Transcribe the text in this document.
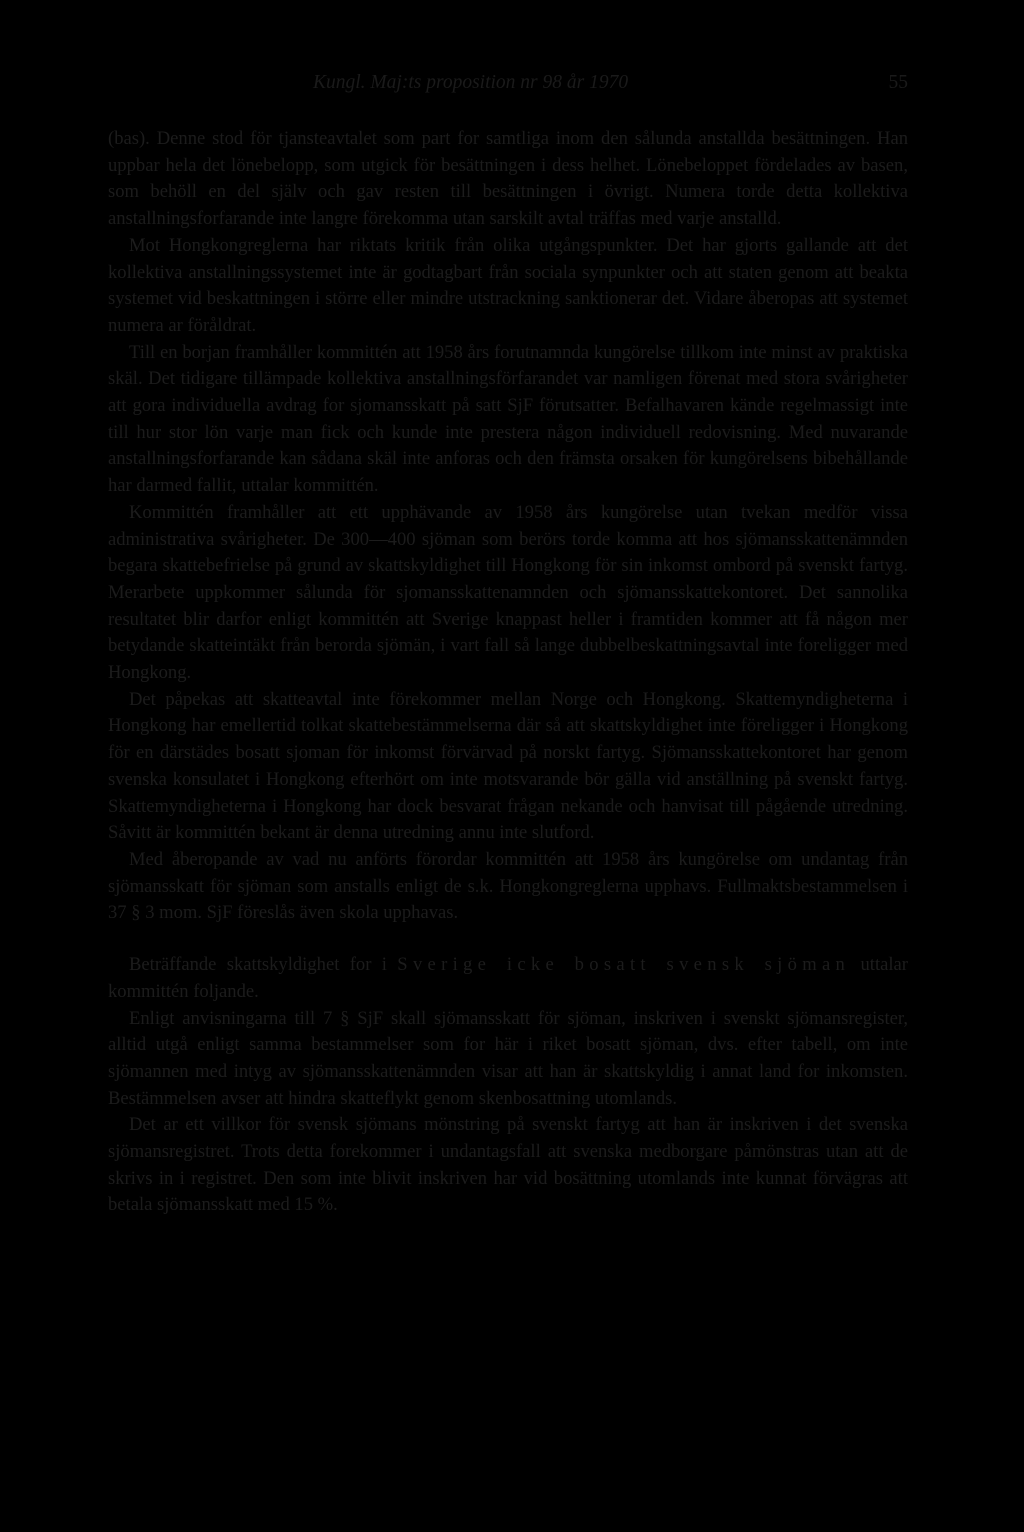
Kungl. Maj:ts proposition nr 98 år 1970	55

(bas). Denne stod för tjansteavtalet som part for samtliga inom den sålunda anstallda besättningen. Han uppbar hela det lönebelopp, som utgick för besättningen i dess helhet. Lönebeloppet fördelades av basen, som behöll en del själv och gav resten till besättningen i övrigt. Numera torde detta kollektiva anstallningsforfarande inte langre förekomma utan sarskilt avtal träffas med varje anstalld.

Mot Hongkongreglerna har riktats kritik från olika utgångspunkter. Det har gjorts gallande att det kollektiva anstallningssystemet inte är godtagbart från sociala synpunkter och att staten genom att beakta systemet vid beskattningen i större eller mindre utstrackning sanktionerar det. Vidare åberopas att systemet numera ar föråldrat.

Till en borjan framhåller kommittén att 1958 års forutnamnda kungörelse tillkom inte minst av praktiska skäl. Det tidigare tillämpade kollektiva anstallningsförfarandet var namligen förenat med stora svårigheter att gora individuella avdrag for sjomansskatt på satt SjF förutsatter. Befalhavaren kände regelmassigt inte till hur stor lön varje man fick och kunde inte prestera någon individuell redovisning. Med nuvarande anstallningsforfarande kan sådana skäl inte anforas och den främsta orsaken för kungörelsens bibehållande har darmed fallit, uttalar kommittén.

Kommittén framhåller att ett upphävande av 1958 års kungörelse utan tvekan medför vissa administrativa svårigheter. De 300—400 sjöman som berörs torde komma att hos sjömansskattenämnden begara skattebefrielse på grund av skattskyldighet till Hongkong för sin inkomst ombord på svenskt fartyg. Merarbete uppkommer sålunda för sjomansskattenamnden och sjömansskattekontoret. Det sannolika resultatet blir darfor enligt kommittén att Sverige knappast heller i framtiden kommer att få någon mer betydande skatteintäkt från berorda sjömän, i vart fall så lange dubbelbeskattningsavtal inte foreligger med Hongkong.

Det påpekas att skatteavtal inte förekommer mellan Norge och Hongkong. Skattemyndigheterna i Hongkong har emellertid tolkat skattebestämmelserna där så att skattskyldighet inte föreligger i Hongkong för en därstädes bosatt sjoman för inkomst förvärvad på norskt fartyg. Sjömansskattekontoret har genom svenska konsulatet i Hongkong efterhört om inte motsvarande bör gälla vid anställning på svenskt fartyg. Skattemyndigheterna i Hongkong har dock besvarat frågan nekande och hanvisat till pågående utredning. Såvitt är kommittén bekant är denna utredning annu inte slutford.

Med åberopande av vad nu anförts förordar kommittén att 1958 års kungörelse om undantag från sjömansskatt för sjöman som anstalls enligt de s.k. Hongkongreglerna upphavs. Fullmaktsbestammelsen i 37 § 3 mom. SjF föreslås även skola upphavas.

Beträffande skattskyldighet for i Sverige icke bosatt svensk sjöman uttalar kommittén foljande.

Enligt anvisningarna till 7 § SjF skall sjömansskatt för sjöman, inskriven i svenskt sjömansregister, alltid utgå enligt samma bestammelser som for här i riket bosatt sjöman, dvs. efter tabell, om inte sjömannen med intyg av sjömansskattenämnden visar att han är skattskyldig i annat land for inkomsten. Bestämmelsen avser att hindra skatteflykt genom skenbosattning utomlands.

Det ar ett villkor för svensk sjömans mönstring på svenskt fartyg att han är inskriven i det svenska sjömansregistret. Trots detta forekommer i undantagsfall att svenska medborgare påmönstras utan att de skrivs in i registret. Den som inte blivit inskriven har vid bosättning utomlands inte kunnat förvägras att betala sjömansskatt med 15 %.
